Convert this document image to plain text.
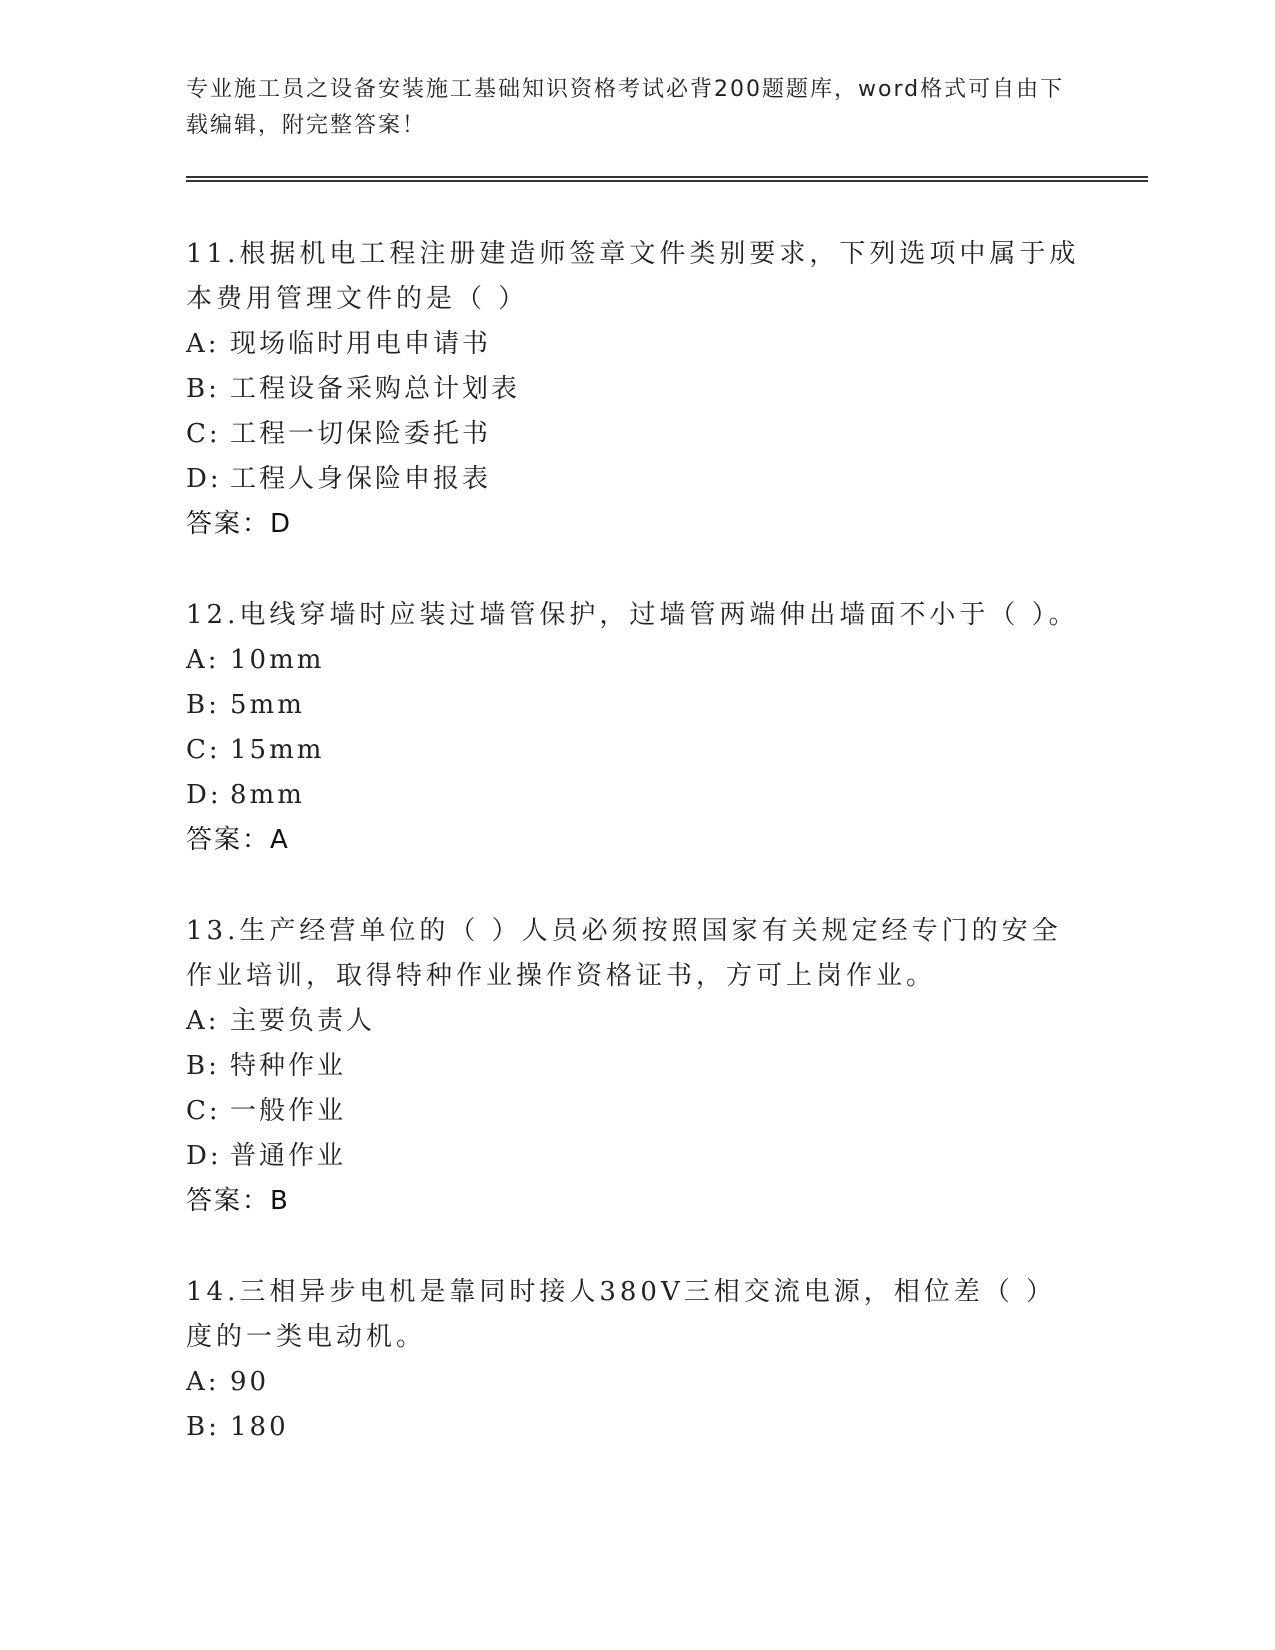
专业施工员之设备安装施工基础知识资格考试必背200题题库，word格式可自由下载编辑，附完整答案！
11.根据机电工程注册建造师签章文件类别要求，下列选项中属于成本费用管理文件的是（ ）
A: 现场临时用电申请书
B: 工程设备采购总计划表
C: 工程一切保险委托书
D: 工程人身保险申报表
答案：D
12.电线穿墙时应装过墙管保护，过墙管两端伸出墙面不小于（ ）。
A: 10mm
B: 5mm
C: 15mm
D: 8mm
答案：A
13.生产经营单位的（ ）人员必须按照国家有关规定经专门的安全作业培训，取得特种作业操作资格证书，方可上岗作业。
A: 主要负责人
B: 特种作业
C: 一般作业
D: 普通作业
答案：B
14.三相异步电机是靠同时接人380V三相交流电源，相位差（ ）度的一类电动机。
A: 90
B: 180
